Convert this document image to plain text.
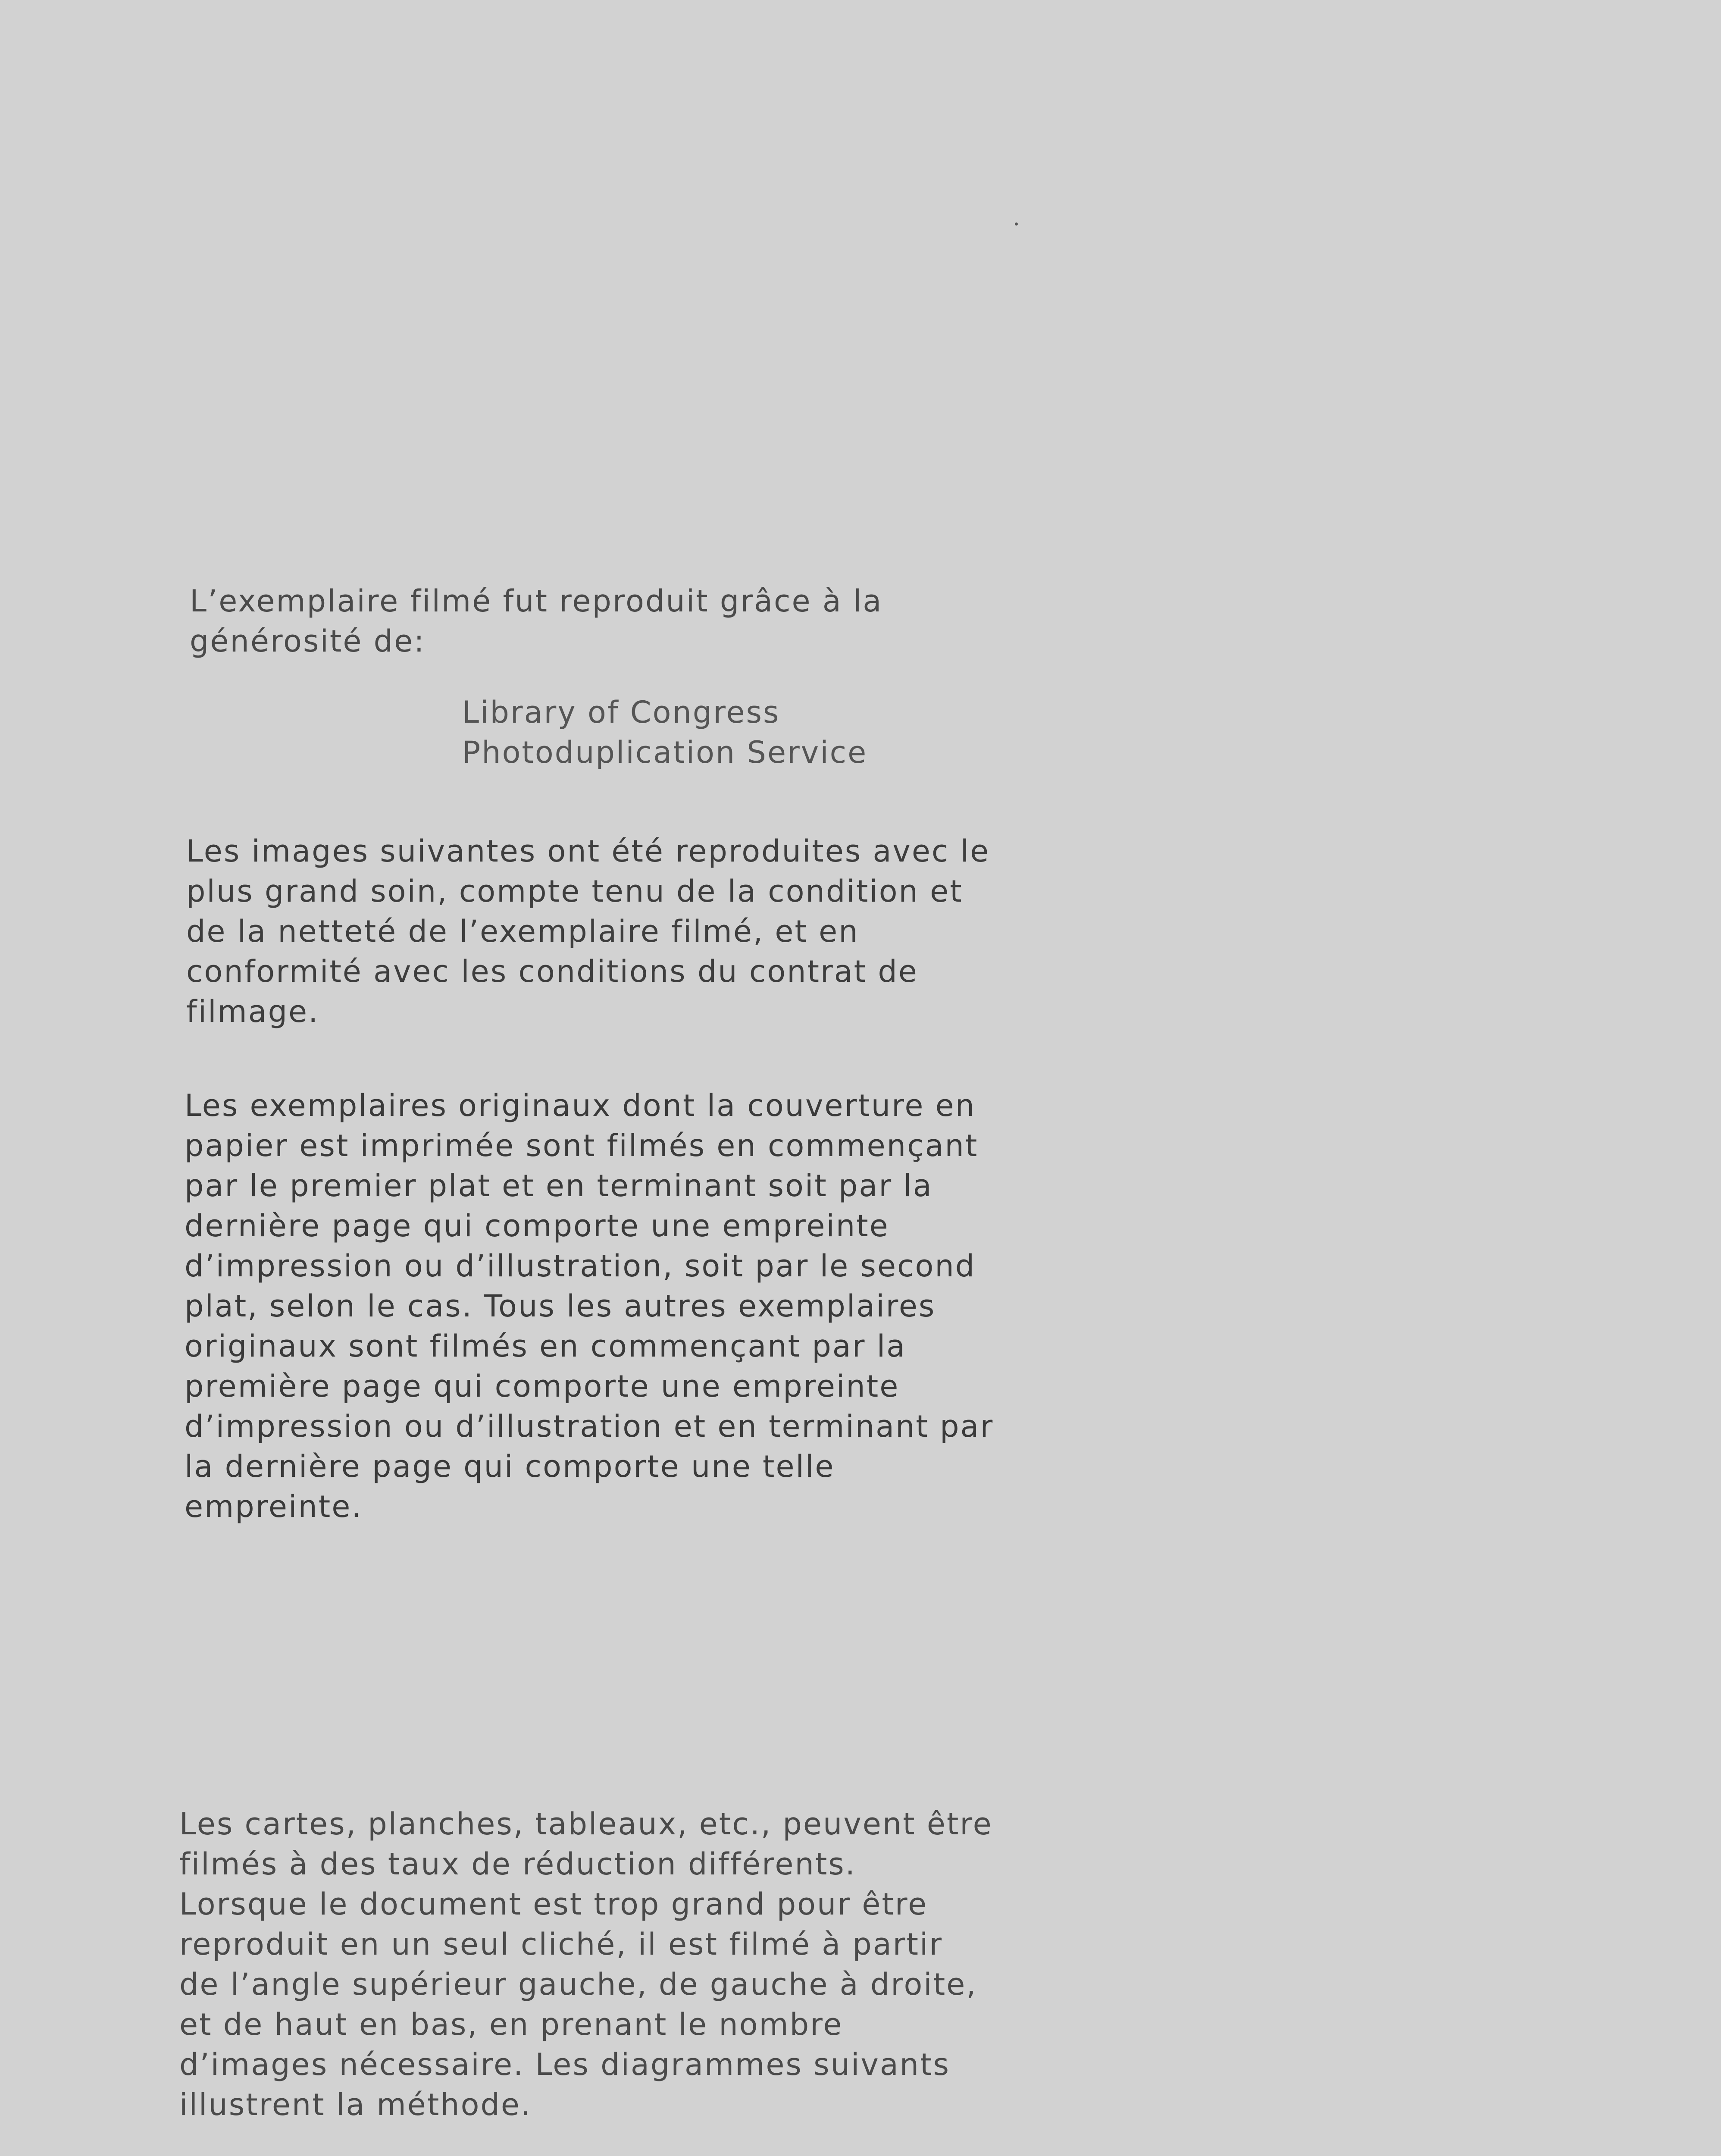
L’exemplaire filmé fut reproduit grâce à la
générosité de:

Library of Congress
Photoduplication Service

Les images suivantes ont été reproduites avec le
plus grand soin, compte tenu de la condition et
de la netteté de l’exemplaire filmé, et en
conformité avec les conditions du contrat de
filmage.

Les exemplaires originaux dont la couverture en
papier est imprimée sont filmés en commençant
par le premier plat et en terminant soit par la
dernière page qui comporte une empreinte
d’impression ou d’illustration, soit par le second
plat, selon le cas. Tous les autres exemplaires
originaux sont filmés en commençant par la
première page qui comporte une empreinte
d’impression ou d’illustration et en terminant par
la dernière page qui comporte une telle
empreinte.

Les cartes, planches, tableaux, etc., peuvent être
filmés à des taux de réduction différents.
Lorsque le document est trop grand pour être
reproduit en un seul cliché, il est filmé à partir
de l’angle supérieur gauche, de gauche à droite,
et de haut en bas, en prenant le nombre
d’images nécessaire. Les diagrammes suivants
illustrent la méthode.
